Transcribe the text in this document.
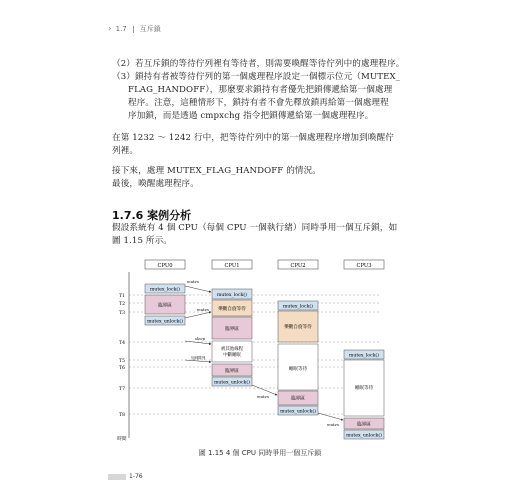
› 1.7 互斥鎖
（2）若互斥鎖的等待佇列裡有等待者，則需要喚醒等待佇列中的處理程序。
（3）鎖持有者被等待佇列的第一個處理程序設定一個標示位元（MUTEX_
FLAG_HANDOFF），那麼要求鎖持有者優先把鎖傳遞給第一個處理
程序。注意，這種情形下，鎖持有者不會先釋放鎖再給第一個處理程
序加鎖，而是透過 cmpxchg 指令把鎖傳遞給第一個處理程序。
在第 1232 ～ 1242 行中，把等待佇列中的第一個處理程序增加到喚醒佇
列裡。
接下來，處理 MUTEX_FLAG_HANDOFF 的情況。
最後，喚醒處理程序。
1.7.6 案例分析
假設系統有 4 個 CPU（每個 CPU 一個執行緒）同時爭用一個互斥鎖，如
圖 1.15 所示。
CPU0	CPU1	CPU2	CPU3
時間
T1
T2
T3
T4
T5
T6
T7
T8
mutex_lock()
臨界區
mutex_unlock()
mutex_lock()
樂觀自旋等待
臨界區
被其他線程中斷睡眠
臨界區
mutex_unlock()
mutex_lock()
樂觀自旋等待
睡眠等待
臨界區
mutex_unlock()
mutex_lock()
睡眠等待
臨界區
mutex_unlock()
mutex
mutex
sleep
加到隊列
mutex
mutex
圖 1.15 4 個 CPU 同時爭用一個互斥鎖
1-76
